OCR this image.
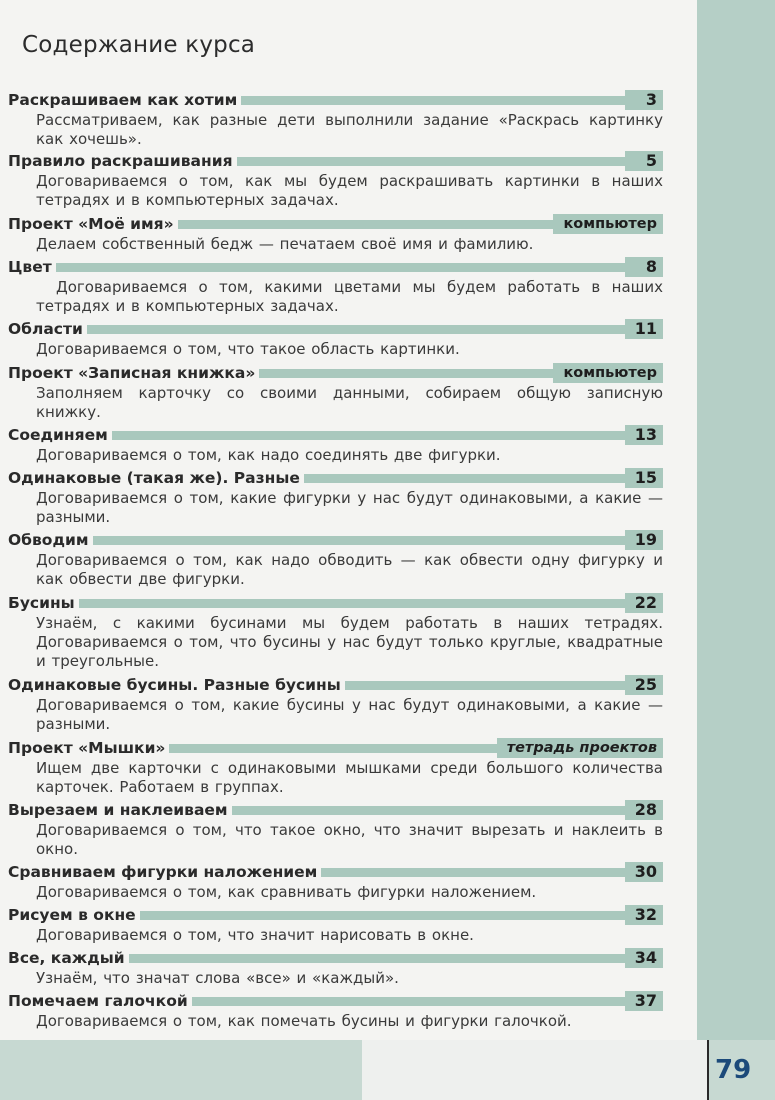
79
Содержание курса
Раскрашиваем как хотим	3
Рассматриваем, как разные дети выполнили задание «Раскрась картинку как хочешь».
Правило раскрашивания	5
Договариваемся о том, как мы будем раскрашивать картинки в наших тетрадях и в компьютерных задачах.
Проект «Моё имя»	компьютер
Делаем собственный бедж — печатаем своё имя и фамилию.
Цвет	8
Договариваемся о том, какими цветами мы будем работать в наших тетрадях и в компьютерных задачах.
Области	11
Договариваемся о том, что такое область картинки.
Проект «Записная книжка»	компьютер
Заполняем карточку со своими данными, собираем общую записную книжку.
Соединяем	13
Договариваемся о том, как надо соединять две фигурки.
Одинаковые (такая же). Разные	15
Договариваемся о том, какие фигурки у нас будут одинаковыми, а какие — разными.
Обводим	19
Договариваемся о том, как надо обводить — как обвести одну фигурку и как обвести две фигурки.
Бусины	22
Узнаём, с какими бусинами мы будем работать в наших тетрадях. Договариваемся о том, что бусины у нас будут только круглые, квадратные и треугольные.
Одинаковые бусины. Разные бусины	25
Договариваемся о том, какие бусины у нас будут одинаковыми, а какие — разными.
Проект «Мышки»	тетрадь проектов
Ищем две карточки с одинаковыми мышками среди большого количества карточек. Работаем в группах.
Вырезаем и наклеиваем	28
Договариваемся о том, что такое окно, что значит вырезать и наклеить в окно.
Сравниваем фигурки наложением	30
Договариваемся о том, как сравнивать фигурки наложением.
Рисуем в окне	32
Договариваемся о том, что значит нарисовать в окне.
Все, каждый	34
Узнаём, что значат слова «все» и «каждый».
Помечаем галочкой	37
Договариваемся о том, как помечать бусины и фигурки галочкой.
